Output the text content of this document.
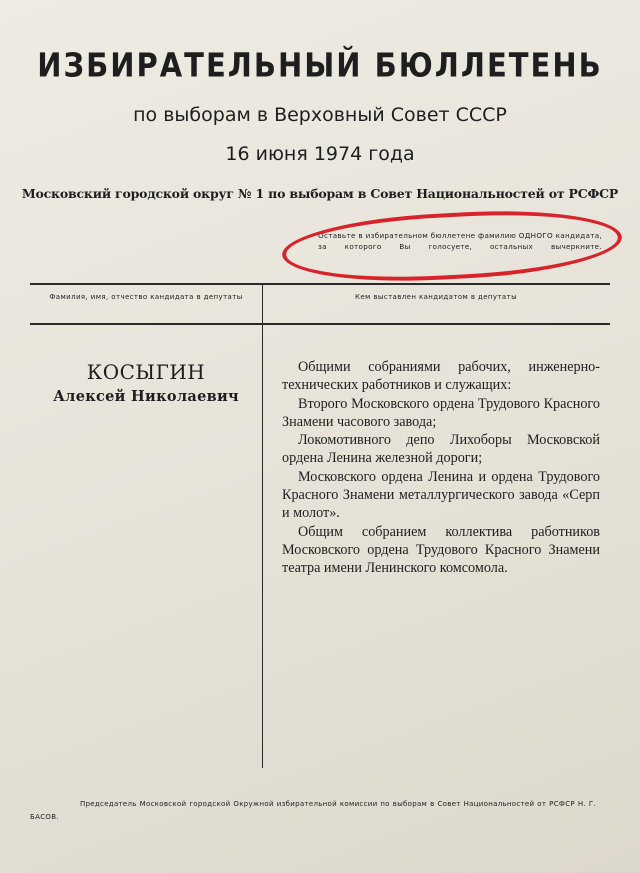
ИЗБИРАТЕЛЬНЫЙ БЮЛЛЕТЕНЬ
по выборам в Верховный Совет СССР
16 июня 1974 года
Московский городской округ № 1 по выборам в Совет Национальностей от РСФСР
Оставьте в избирательном бюллетене фамилию ОДНОГО кандидата, за которого Вы голосуете, остальных вычеркните.
Фамилия, имя, отчество кандидата в депутаты	Кем выставлен кандидатом в депутаты
КОСЫГИН
Алексей Николаевич

Общими собраниями рабочих, инженерно-технических работников и служащих:

Второго Московского ордена Трудового Красного Знамени часового завода;

Локомотивного депо Лихоборы Московской ордена Ленина железной дороги;

Московского ордена Ленина и ордена Трудового Красного Знамени металлургического завода «Серп и молот».

Общим собранием коллектива работников Московского ордена Трудового Красного Знамени театра имени Ленинского комсомола.

Председатель Московской городской Окружной избирательной комиссии по выборам в Совет Национальностей от РСФСР Н. Г. БАСОВ.
